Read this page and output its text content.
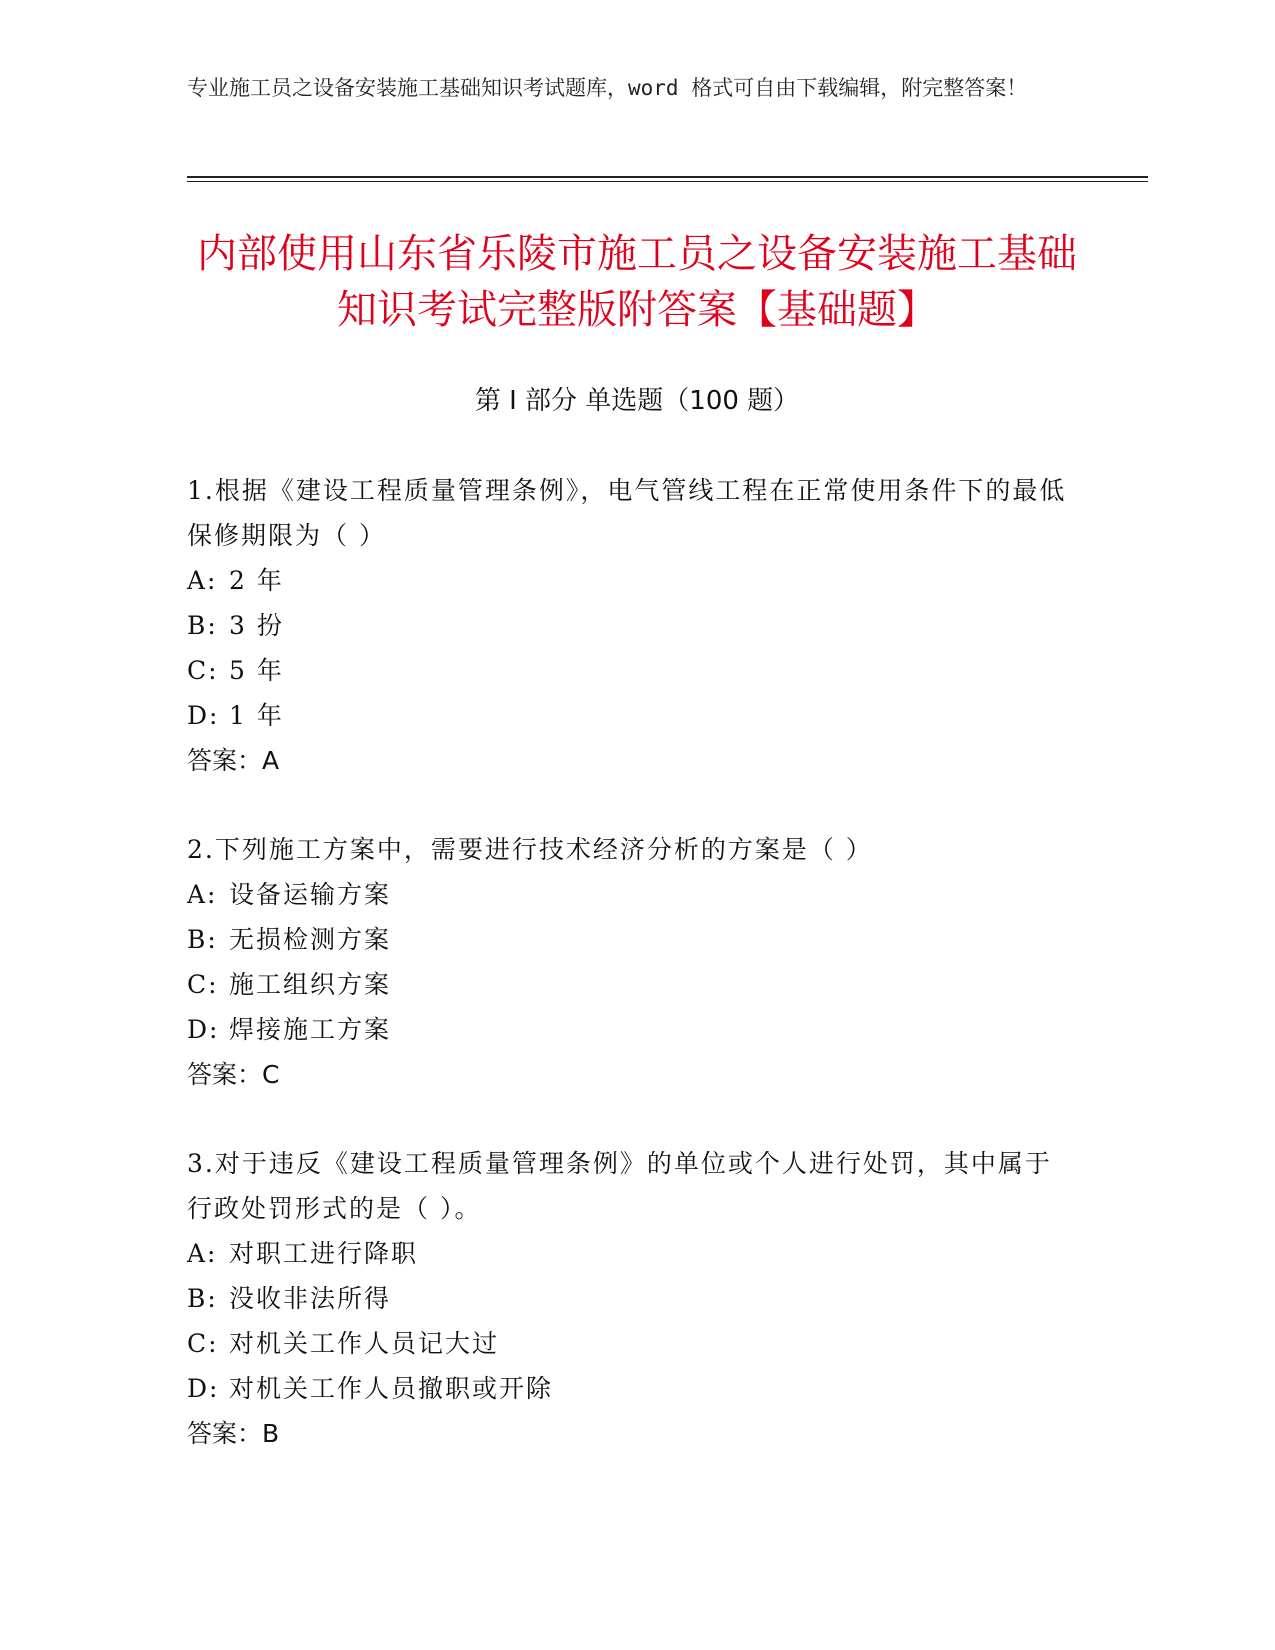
专业施工员之设备安装施工基础知识考试题库，word 格式可自由下载编辑，附完整答案！
内部使用山东省乐陵市施工员之设备安装施工基础知识考试完整版附答案【基础题】
第 I 部分 单选题（100 题）
1.根据《建设工程质量管理条例》，电气管线工程在正常使用条件下的最低保修期限为（ ）
A: 2 年
B: 3 扮
C: 5 年
D: 1 年
答案：A
2.下列施工方案中，需要进行技术经济分析的方案是（ ）
A: 设备运输方案
B: 无损检测方案
C: 施工组织方案
D: 焊接施工方案
答案：C
3.对于违反《建设工程质量管理条例》的单位或个人进行处罚，其中属于行政处罚形式的是（ ）。
A: 对职工进行降职
B: 没收非法所得
C: 对机关工作人员记大过
D: 对机关工作人员撤职或开除
答案：B
